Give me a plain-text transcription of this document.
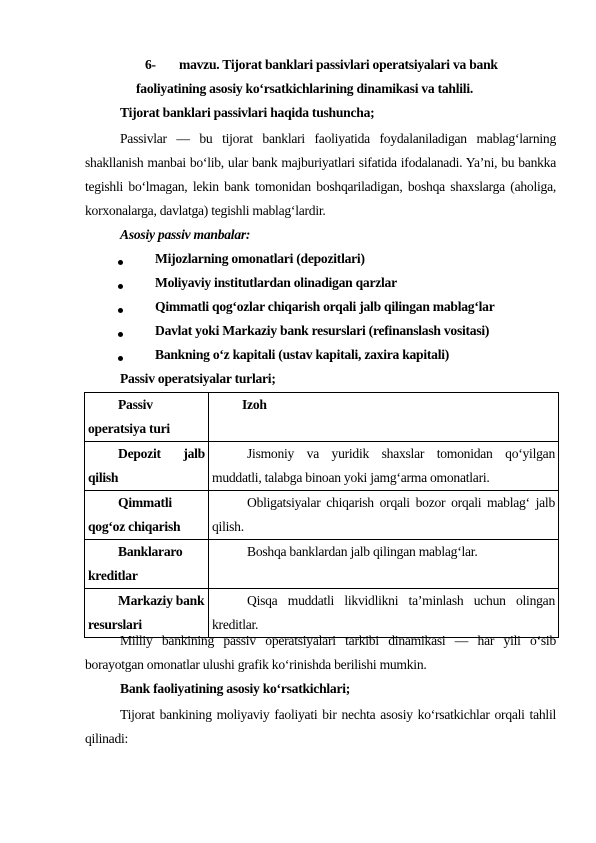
6- mavzu. Tijorat banklari passivlari operatsiyalari va bank
faoliyatining asosiy ko‘rsatkichlarining dinamikasi va tahlili.
Tijorat banklari passivlari haqida tushuncha;

Passivlar — bu tijorat banklari faoliyatida foydalaniladigan mablag‘larning shakllanish manbai bo‘lib, ular bank majburiyatlari sifatida ifodalanadi. Ya’ni, bu bankka tegishli bo‘lmagan, lekin bank tomonidan boshqariladigan, boshqa shaxslarga (aholiga, korxonalarga, davlatga) tegishli mablag‘lardir.

Asosiy passiv manbalar:
Mijozlarning omonatlari (depozitlari)
Moliyaviy institutlardan olinadigan qarzlar
Qimmatli qog‘ozlar chiqarish orqali jalb qilingan mablag‘lar
Davlat yoki Markaziy bank resurslari (refinanslash vositasi)
Bankning o‘z kapitali (ustav kapitali, zaxira kapitali)
Passiv operatsiyalar turlari;
Passiv operatsiya turi	Izoh
Depozit jalb qilish	Jismoniy va yuridik shaxslar tomonidan qo‘yilgan muddatli, talabga binoan yoki jamg‘arma omonatlari.
Qimmatli qog‘oz chiqarish	Obligatsiyalar chiqarish orqali bozor orqali mablag‘ jalb qilish.
Banklararo kreditlar	Boshqa banklardan jalb qilingan mablag‘lar.
Markaziy bank resurslari	Qisqa muddatli likvidlikni ta’minlash uchun olingan kreditlar.

Milliy bankining passiv operatsiyalari tarkibi dinamikasi — har yili o‘sib borayotgan omonatlar ulushi grafik ko‘rinishda berilishi mumkin.

Bank faoliyatining asosiy ko‘rsatkichlari;

Tijorat bankining moliyaviy faoliyati bir nechta asosiy ko‘rsatkichlar orqali tahlil qilinadi:
